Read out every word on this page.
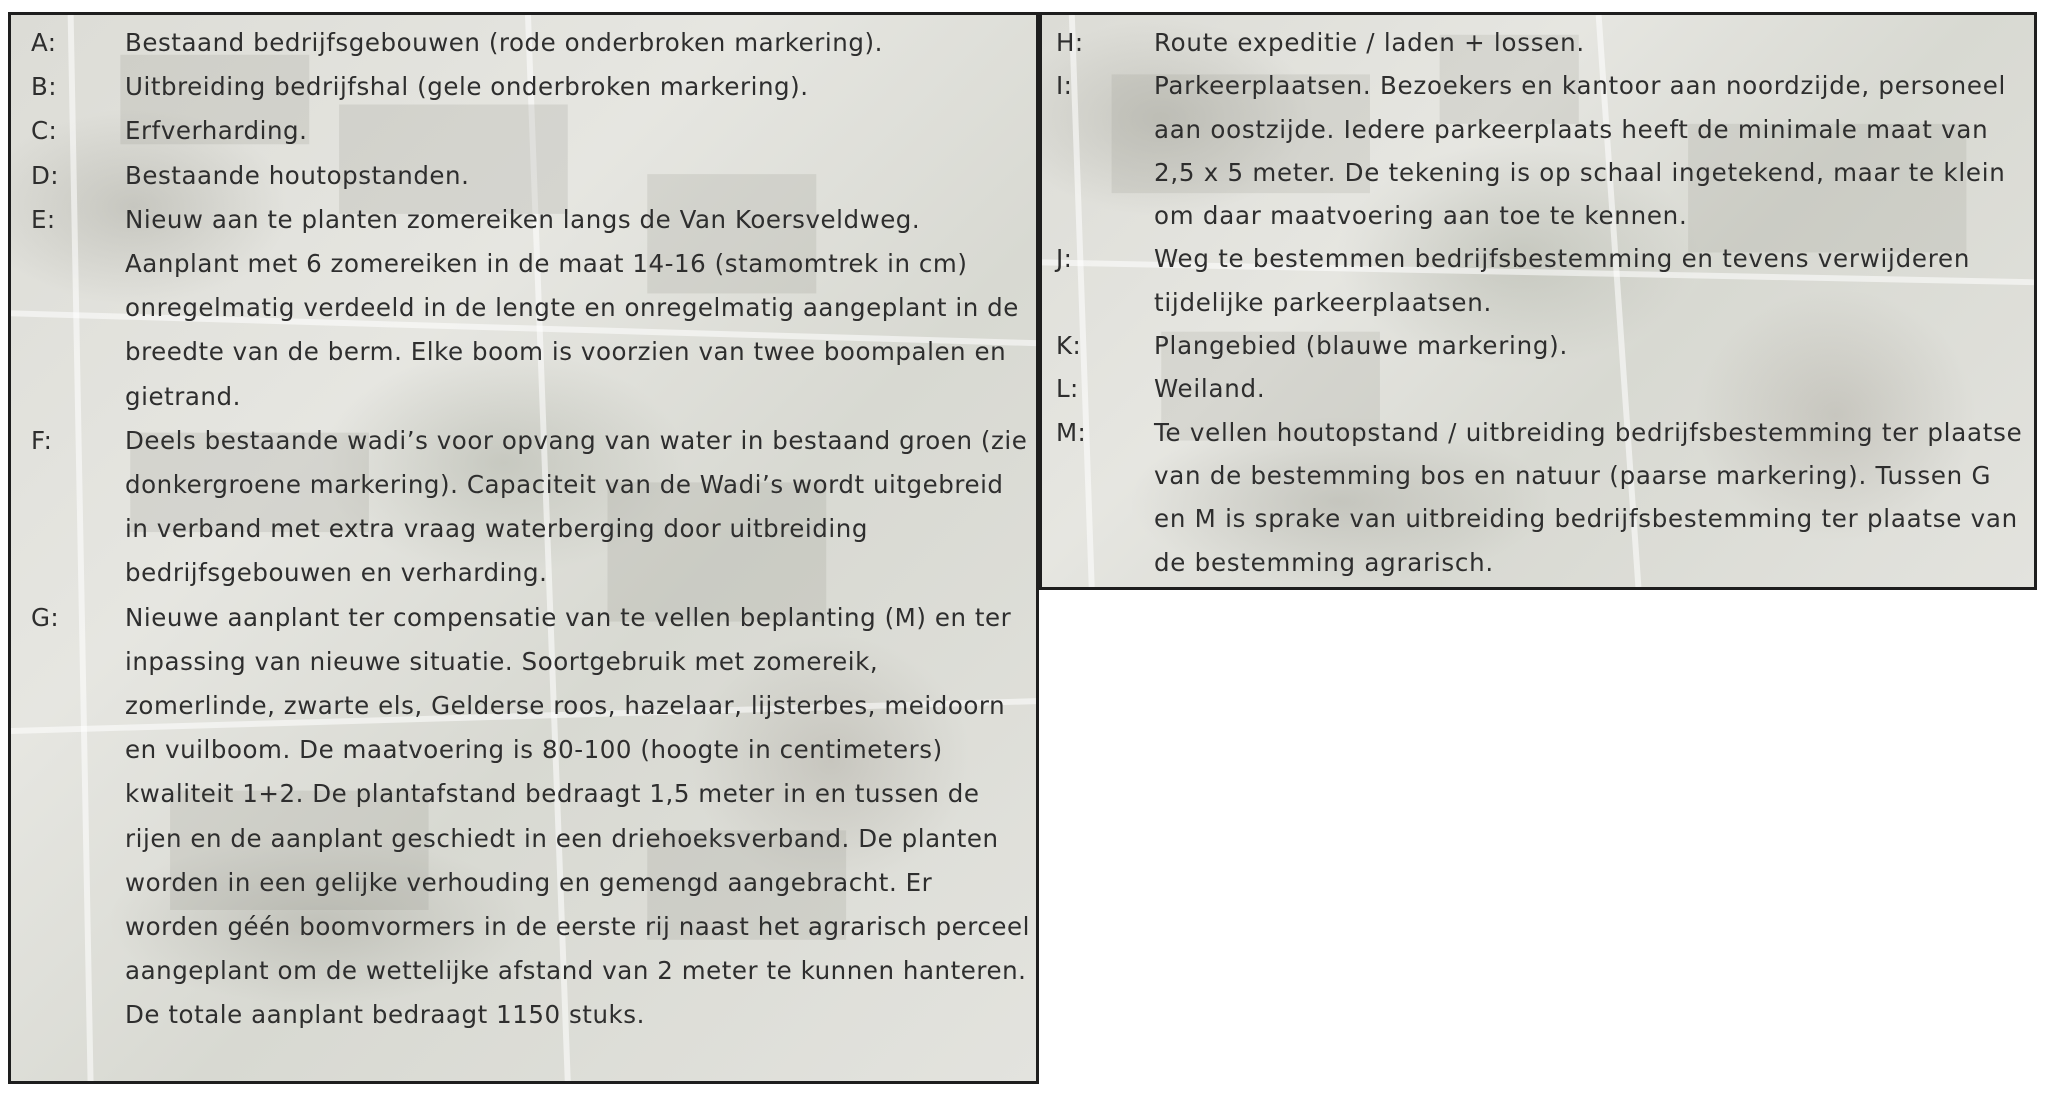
A:	Bestaand bedrijfsgebouwen (rode onderbroken markering).
B:	Uitbreiding bedrijfshal (gele onderbroken markering).
C:	Erfverharding.
D:	Bestaande houtopstanden.
E:	Nieuw aan te planten zomereiken langs de Van Koersveldweg. Aanplant met 6 zomereiken in de maat 14-16 (stamomtrek in cm) onregelmatig verdeeld in de lengte en onregelmatig aangeplant in de breedte van de berm. Elke boom is voorzien van twee boompalen en gietrand.
F:	Deels bestaande wadi’s voor opvang van water in bestaand groen (zie donkergroene markering). Capaciteit van de Wadi’s wordt uitgebreid in verband met extra vraag waterberging door uitbreiding bedrijfsgebouwen en verharding.
G:	Nieuwe aanplant ter compensatie van te vellen beplanting (M) en ter inpassing van nieuwe situatie. Soortgebruik met zomereik, zomerlinde, zwarte els, Gelderse roos, hazelaar, lijsterbes, meidoorn en vuilboom. De maatvoering is 80-100 (hoogte in centimeters) kwaliteit 1+2. De plantafstand bedraagt 1,5 meter in en tussen de rijen en de aanplant geschiedt in een driehoeksverband. De planten worden in een gelijke verhouding en gemengd aangebracht. Er worden géén boomvormers in de eerste rij naast het agrarisch perceel aangeplant om de wettelijke afstand van 2 meter te kunnen hanteren. De totale aanplant bedraagt 1150 stuks.
H:	Route expeditie / laden + lossen.
I:	Parkeerplaatsen. Bezoekers en kantoor aan noordzijde, personeel aan oostzijde. Iedere parkeerplaats heeft de minimale maat van 2,5 x 5 meter. De tekening is op schaal ingetekend, maar te klein om daar maatvoering aan toe te kennen.
J:	Weg te bestemmen bedrijfsbestemming en tevens verwijderen tijdelijke parkeerplaatsen.
K:	Plangebied (blauwe markering).
L:	Weiland.
M:	Te vellen houtopstand / uitbreiding bedrijfsbestemming ter plaatse van de bestemming bos en natuur (paarse markering). Tussen G en M is sprake van uitbreiding bedrijfsbestemming ter plaatse van de bestemming agrarisch.
